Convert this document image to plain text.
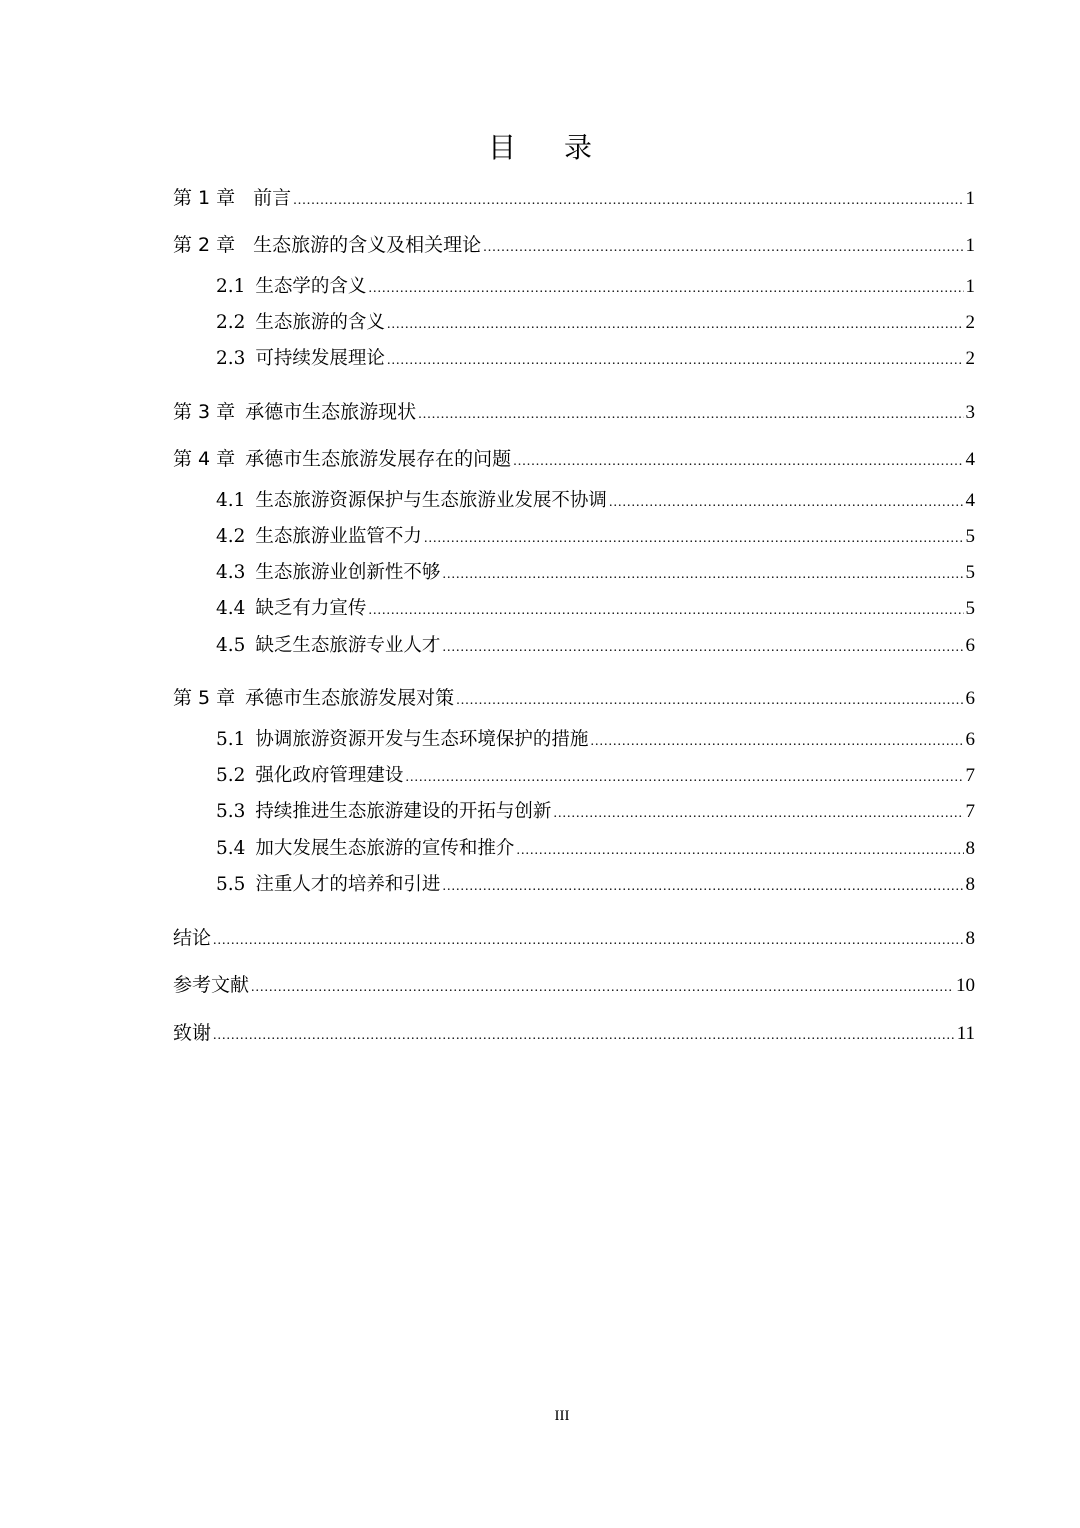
目 录
第 1 章 前言 .....	1
第 2 章 生态旅游的含义及相关理论 .....	1
2.1 生态学的含义 .....	1
2.2 生态旅游的含义 .....	2
2.3 可持续发展理论 .....	2
第 3 章 承德市生态旅游现状 .....	3
第 4 章 承德市生态旅游发展存在的问题 .....	4
4.1 生态旅游资源保护与生态旅游业发展不协调 .....	4
4.2 生态旅游业监管不力 .....	5
4.3 生态旅游业创新性不够 .....	5
4.4 缺乏有力宣传 .....	5
4.5 缺乏生态旅游专业人才 .....	6
第 5 章 承德市生态旅游发展对策 .....	6
5.1 协调旅游资源开发与生态环境保护的措施 .....	6
5.2 强化政府管理建设 .....	7
5.3 持续推进生态旅游建设的开拓与创新 .....	7
5.4 加大发展生态旅游的宣传和推介 .....	8
5.5 注重人才的培养和引进 .....	8
结论 .....	8
参考文献 .....	10
致谢 .....	11
III
